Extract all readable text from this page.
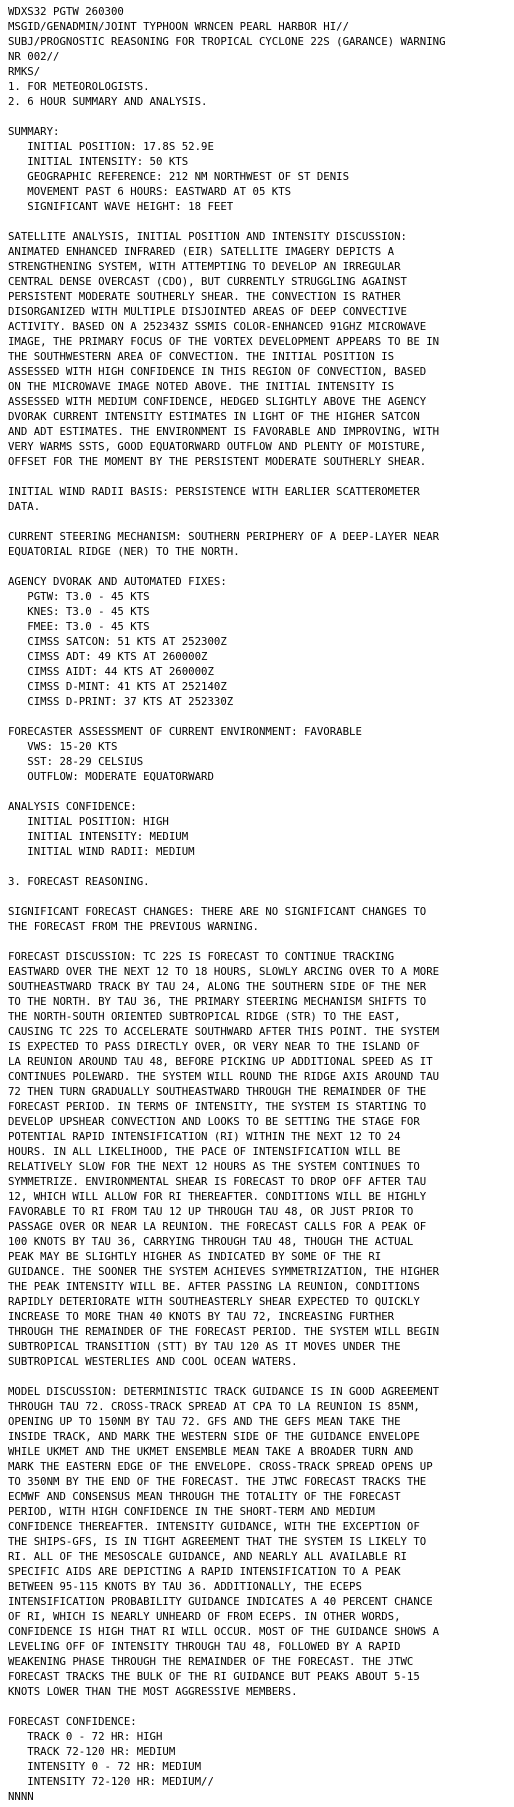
WDXS32 PGTW 260300
MSGID/GENADMIN/JOINT TYPHOON WRNCEN PEARL HARBOR HI//
SUBJ/PROGNOSTIC REASONING FOR TROPICAL CYCLONE 22S (GARANCE) WARNING
NR 002//
RMKS/
1. FOR METEOROLOGISTS.
2. 6 HOUR SUMMARY AND ANALYSIS.
SUMMARY:
INITIAL POSITION: 17.8S 52.9E
INITIAL INTENSITY: 50 KTS
GEOGRAPHIC REFERENCE: 212 NM NORTHWEST OF ST DENIS
MOVEMENT PAST 6 HOURS: EASTWARD AT 05 KTS
SIGNIFICANT WAVE HEIGHT: 18 FEET
SATELLITE ANALYSIS, INITIAL POSITION AND INTENSITY DISCUSSION:
ANIMATED ENHANCED INFRARED (EIR) SATELLITE IMAGERY DEPICTS A
STRENGTHENING SYSTEM, WITH ATTEMPTING TO DEVELOP AN IRREGULAR
CENTRAL DENSE OVERCAST (CDO), BUT CURRENTLY STRUGGLING AGAINST
PERSISTENT MODERATE SOUTHERLY SHEAR. THE CONVECTION IS RATHER
DISORGANIZED WITH MULTIPLE DISJOINTED AREAS OF DEEP CONVECTIVE
ACTIVITY. BASED ON A 252343Z SSMIS COLOR-ENHANCED 91GHZ MICROWAVE
IMAGE, THE PRIMARY FOCUS OF THE VORTEX DEVELOPMENT APPEARS TO BE IN
THE SOUTHWESTERN AREA OF CONVECTION. THE INITIAL POSITION IS
ASSESSED WITH HIGH CONFIDENCE IN THIS REGION OF CONVECTION, BASED
ON THE MICROWAVE IMAGE NOTED ABOVE. THE INITIAL INTENSITY IS
ASSESSED WITH MEDIUM CONFIDENCE, HEDGED SLIGHTLY ABOVE THE AGENCY
DVORAK CURRENT INTENSITY ESTIMATES IN LIGHT OF THE HIGHER SATCON
AND ADT ESTIMATES. THE ENVIRONMENT IS FAVORABLE AND IMPROVING, WITH
VERY WARMS SSTS, GOOD EQUATORWARD OUTFLOW AND PLENTY OF MOISTURE,
OFFSET FOR THE MOMENT BY THE PERSISTENT MODERATE SOUTHERLY SHEAR.
INITIAL WIND RADII BASIS: PERSISTENCE WITH EARLIER SCATTEROMETER
DATA.
CURRENT STEERING MECHANISM: SOUTHERN PERIPHERY OF A DEEP-LAYER NEAR
EQUATORIAL RIDGE (NER) TO THE NORTH.
AGENCY DVORAK AND AUTOMATED FIXES:
PGTW: T3.0 - 45 KTS
KNES: T3.0 - 45 KTS
FMEE: T3.0 - 45 KTS
CIMSS SATCON: 51 KTS AT 252300Z
CIMSS ADT: 49 KTS AT 260000Z
CIMSS AIDT: 44 KTS AT 260000Z
CIMSS D-MINT: 41 KTS AT 252140Z
CIMSS D-PRINT: 37 KTS AT 252330Z
FORECASTER ASSESSMENT OF CURRENT ENVIRONMENT: FAVORABLE
VWS: 15-20 KTS
SST: 28-29 CELSIUS
OUTFLOW: MODERATE EQUATORWARD
ANALYSIS CONFIDENCE:
INITIAL POSITION: HIGH
INITIAL INTENSITY: MEDIUM
INITIAL WIND RADII: MEDIUM
3. FORECAST REASONING.
SIGNIFICANT FORECAST CHANGES: THERE ARE NO SIGNIFICANT CHANGES TO
THE FORECAST FROM THE PREVIOUS WARNING.
FORECAST DISCUSSION: TC 22S IS FORECAST TO CONTINUE TRACKING
EASTWARD OVER THE NEXT 12 TO 18 HOURS, SLOWLY ARCING OVER TO A MORE
SOUTHEASTWARD TRACK BY TAU 24, ALONG THE SOUTHERN SIDE OF THE NER
TO THE NORTH. BY TAU 36, THE PRIMARY STEERING MECHANISM SHIFTS TO
THE NORTH-SOUTH ORIENTED SUBTROPICAL RIDGE (STR) TO THE EAST,
CAUSING TC 22S TO ACCELERATE SOUTHWARD AFTER THIS POINT. THE SYSTEM
IS EXPECTED TO PASS DIRECTLY OVER, OR VERY NEAR TO THE ISLAND OF
LA REUNION AROUND TAU 48, BEFORE PICKING UP ADDITIONAL SPEED AS IT
CONTINUES POLEWARD. THE SYSTEM WILL ROUND THE RIDGE AXIS AROUND TAU
72 THEN TURN GRADUALLY SOUTHEASTWARD THROUGH THE REMAINDER OF THE
FORECAST PERIOD. IN TERMS OF INTENSITY, THE SYSTEM IS STARTING TO
DEVELOP UPSHEAR CONVECTION AND LOOKS TO BE SETTING THE STAGE FOR
POTENTIAL RAPID INTENSIFICATION (RI) WITHIN THE NEXT 12 TO 24
HOURS. IN ALL LIKELIHOOD, THE PACE OF INTENSIFICATION WILL BE
RELATIVELY SLOW FOR THE NEXT 12 HOURS AS THE SYSTEM CONTINUES TO
SYMMETRIZE. ENVIRONMENTAL SHEAR IS FORECAST TO DROP OFF AFTER TAU
12, WHICH WILL ALLOW FOR RI THEREAFTER. CONDITIONS WILL BE HIGHLY
FAVORABLE TO RI FROM TAU 12 UP THROUGH TAU 48, OR JUST PRIOR TO
PASSAGE OVER OR NEAR LA REUNION. THE FORECAST CALLS FOR A PEAK OF
100 KNOTS BY TAU 36, CARRYING THROUGH TAU 48, THOUGH THE ACTUAL
PEAK MAY BE SLIGHTLY HIGHER AS INDICATED BY SOME OF THE RI
GUIDANCE. THE SOONER THE SYSTEM ACHIEVES SYMMETRIZATION, THE HIGHER
THE PEAK INTENSITY WILL BE. AFTER PASSING LA REUNION, CONDITIONS
RAPIDLY DETERIORATE WITH SOUTHEASTERLY SHEAR EXPECTED TO QUICKLY
INCREASE TO MORE THAN 40 KNOTS BY TAU 72, INCREASING FURTHER
THROUGH THE REMAINDER OF THE FORECAST PERIOD. THE SYSTEM WILL BEGIN
SUBTROPICAL TRANSITION (STT) BY TAU 120 AS IT MOVES UNDER THE
SUBTROPICAL WESTERLIES AND COOL OCEAN WATERS.
MODEL DISCUSSION: DETERMINISTIC TRACK GUIDANCE IS IN GOOD AGREEMENT
THROUGH TAU 72. CROSS-TRACK SPREAD AT CPA TO LA REUNION IS 85NM,
OPENING UP TO 150NM BY TAU 72. GFS AND THE GEFS MEAN TAKE THE
INSIDE TRACK, AND MARK THE WESTERN SIDE OF THE GUIDANCE ENVELOPE
WHILE UKMET AND THE UKMET ENSEMBLE MEAN TAKE A BROADER TURN AND
MARK THE EASTERN EDGE OF THE ENVELOPE. CROSS-TRACK SPREAD OPENS UP
TO 350NM BY THE END OF THE FORECAST. THE JTWC FORECAST TRACKS THE
ECMWF AND CONSENSUS MEAN THROUGH THE TOTALITY OF THE FORECAST
PERIOD, WITH HIGH CONFIDENCE IN THE SHORT-TERM AND MEDIUM
CONFIDENCE THEREAFTER. INTENSITY GUIDANCE, WITH THE EXCEPTION OF
THE SHIPS-GFS, IS IN TIGHT AGREEMENT THAT THE SYSTEM IS LIKELY TO
RI. ALL OF THE MESOSCALE GUIDANCE, AND NEARLY ALL AVAILABLE RI
SPECIFIC AIDS ARE DEPICTING A RAPID INTENSIFICATION TO A PEAK
BETWEEN 95-115 KNOTS BY TAU 36. ADDITIONALLY, THE ECEPS
INTENSIFICATION PROBABILITY GUIDANCE INDICATES A 40 PERCENT CHANCE
OF RI, WHICH IS NEARLY UNHEARD OF FROM ECEPS. IN OTHER WORDS,
CONFIDENCE IS HIGH THAT RI WILL OCCUR. MOST OF THE GUIDANCE SHOWS A
LEVELING OFF OF INTENSITY THROUGH TAU 48, FOLLOWED BY A RAPID
WEAKENING PHASE THROUGH THE REMAINDER OF THE FORECAST. THE JTWC
FORECAST TRACKS THE BULK OF THE RI GUIDANCE BUT PEAKS ABOUT 5-15
KNOTS LOWER THAN THE MOST AGGRESSIVE MEMBERS.
FORECAST CONFIDENCE:
TRACK 0 - 72 HR: HIGH
TRACK 72-120 HR: MEDIUM
INTENSITY 0 - 72 HR: MEDIUM
INTENSITY 72-120 HR: MEDIUM//
NNNN
